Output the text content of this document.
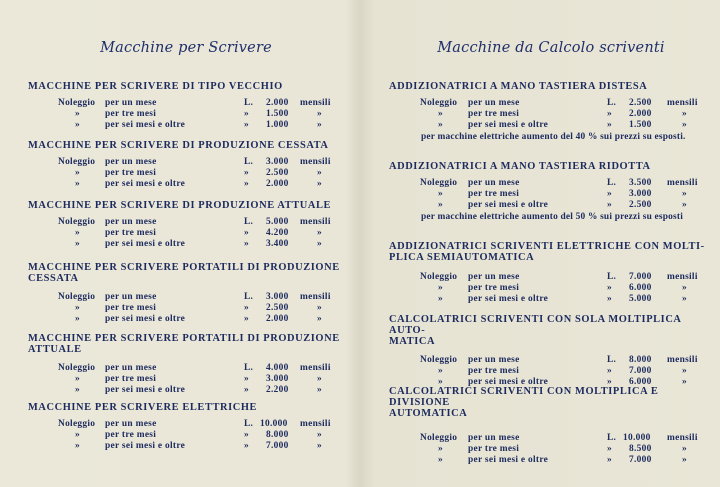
Macchine per Scrivere
MACCHINE PER SCRIVERE DI TIPO VECCHIO
Noleggio per un mese	L. 2.000 mensili
»	per tre mesi	» 1.500	»
»	per sei mesi e oltre	» 1.000	»
MACCHINE PER SCRIVERE DI PRODUZIONE CESSATA
Noleggio per un mese	L. 3.000 mensili
»	per tre mesi	» 2.500	»
»	per sei mesi e oltre	» 2.000	»
MACCHINE PER SCRIVERE DI PRODUZIONE ATTUALE
Noleggio per un mese	L. 5.000 mensili
»	per tre mesi	» 4.200	»
»	per sei mesi e oltre	» 3.400	»
MACCHINE PER SCRIVERE PORTATILI DI PRODUZIONE
CESSATA
Noleggio per un mese	L. 3.000 mensili
»	per tre mesi	» 2.500	»
»	per sei mesi e oltre	» 2.000	»
MACCHINE PER SCRIVERE PORTATILI DI PRODUZIONE
ATTUALE
Noleggio per un mese	L. 4.000 mensili
»	per tre mesi	» 3.000	»
»	per sei mesi e oltre	» 2.200	»
MACCHINE PER SCRIVERE ELETTRICHE
Noleggio per un mese	L. 10.000 mensili
»	per tre mesi	» 8.000	»
»	per sei mesi e oltre	» 7.000	»
Macchine da Calcolo scriventi
ADDIZIONATRICI A MANO TASTIERA DISTESA
Noleggio per un mese	L. 2.500 mensili
»	per tre mesi	» 2.000	»
»	per sei mesi e oltre	» 1.500	»
per macchine elettriche aumento del 40 % sui prezzi su esposti.
ADDIZIONATRICI A MANO TASTIERA RIDOTTA
Noleggio per un mese	L. 3.500 mensili
»	per tre mesi	» 3.000	»
»	per sei mesi e oltre	» 2.500	»
per macchine elettriche aumento del 50 % sui prezzi su esposti
ADDIZIONATRICI SCRIVENTI ELETTRICHE CON MOLTI-
PLICA SEMIAUTOMATICA
Noleggio per un mese	L. 7.000 mensili
»	per tre mesi	» 6.000	»
»	per sei mesi e oltre	» 5.000	»
CALCOLATRICI SCRIVENTI CON SOLA MOLTIPLICA AUTO-
MATICA
Noleggio per un mese	L. 8.000 mensili
»	per tre mesi	» 7.000	»
»	per sei mesi e oltre	» 6.000	»
CALCOLATRICI SCRIVENTI CON MOLTIPLICA E DIVISIONE
AUTOMATICA
Noleggio per un mese	L. 10.000 mensili
»	per tre mesi	» 8.500	»
»	per sei mesi e oltre	» 7.000	»
